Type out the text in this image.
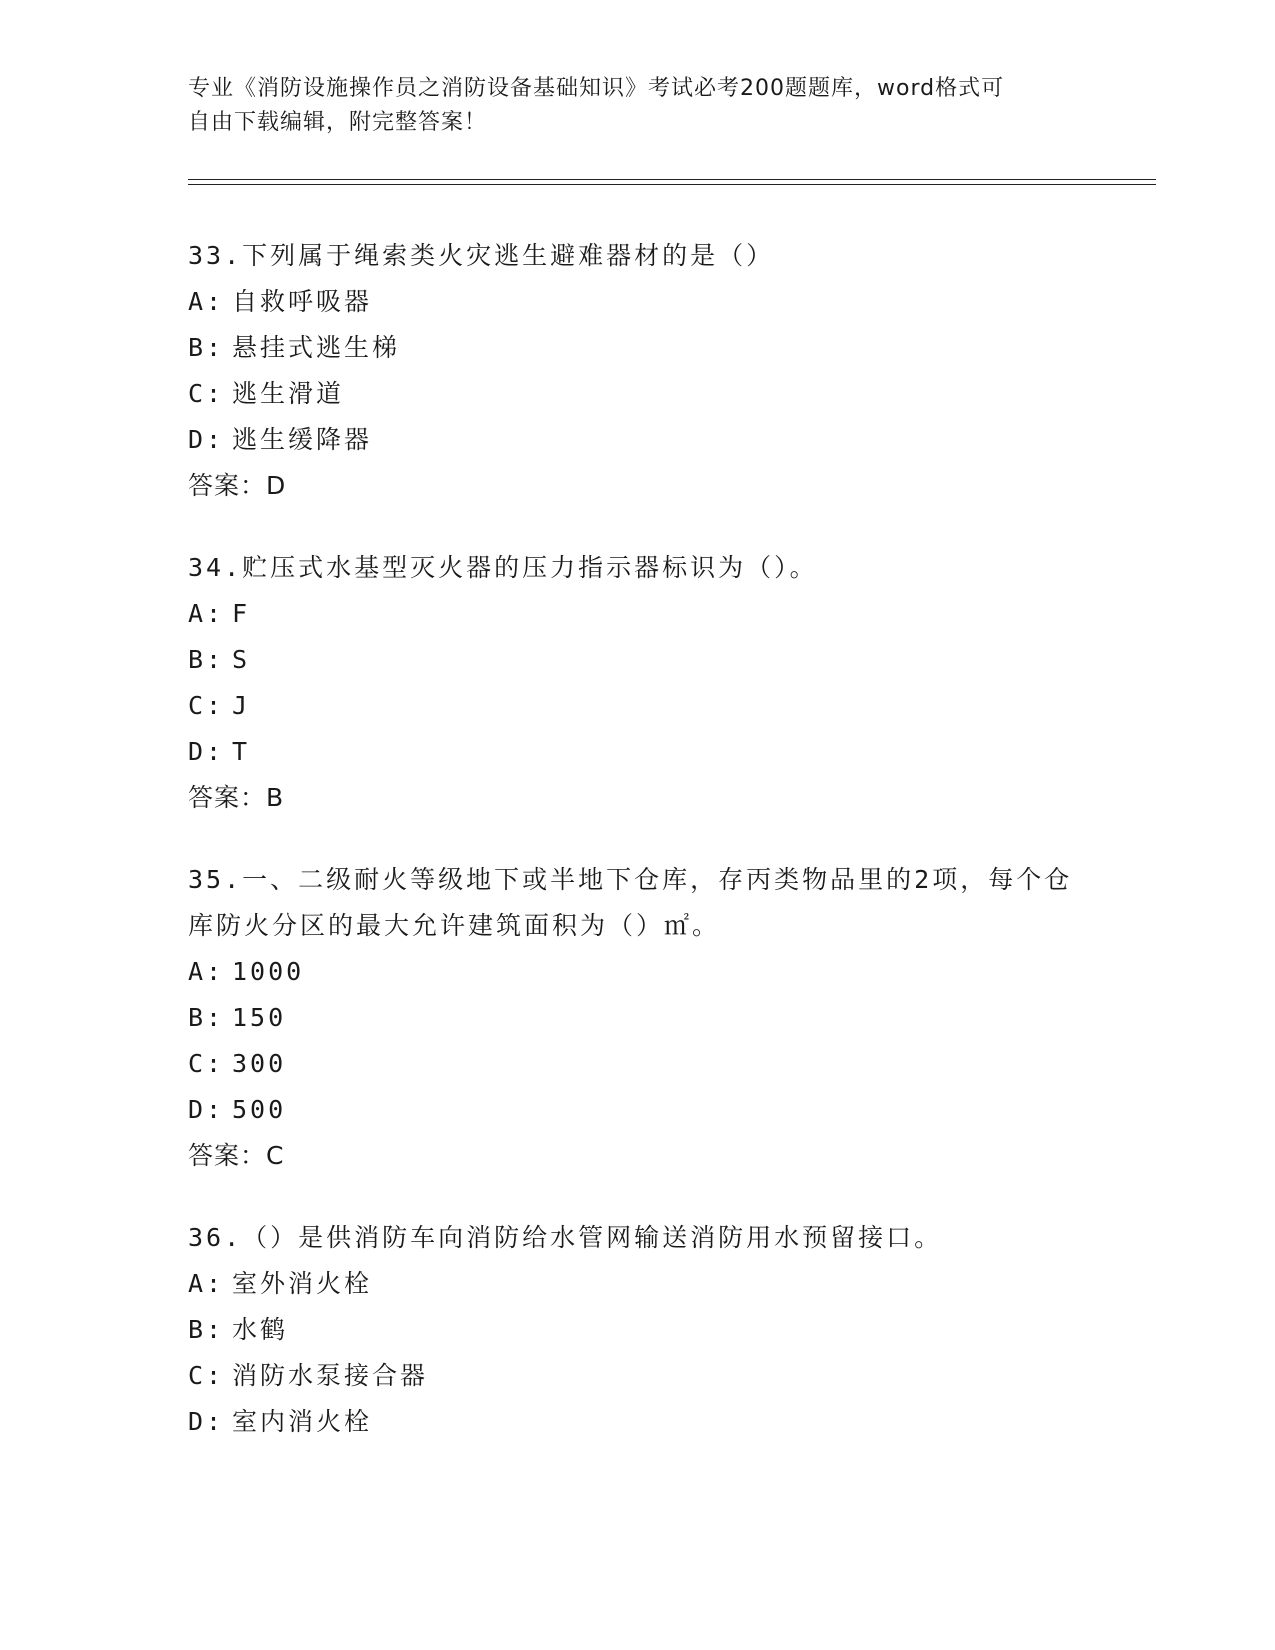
专业《消防设施操作员之消防设备基础知识》考试必考200题题库，word格式可
自由下载编辑，附完整答案！

33.下列属于绳索类火灾逃生避难器材的是（）

A: 自救呼吸器

B: 悬挂式逃生梯

C: 逃生滑道

D: 逃生缓降器

答案：D

34.贮压式水基型灭火器的压力指示器标识为（）。

A: F

B: S

C: J

D: T

答案：B

35.一、二级耐火等级地下或半地下仓库，存丙类物品里的2项，每个仓库防火分区的最大允许建筑面积为（）㎡。

A: 1000

B: 150

C: 300

D: 500

答案：C

36.（）是供消防车向消防给水管网输送消防用水预留接口。

A: 室外消火栓

B: 水鹤

C: 消防水泵接合器

D: 室内消火栓
